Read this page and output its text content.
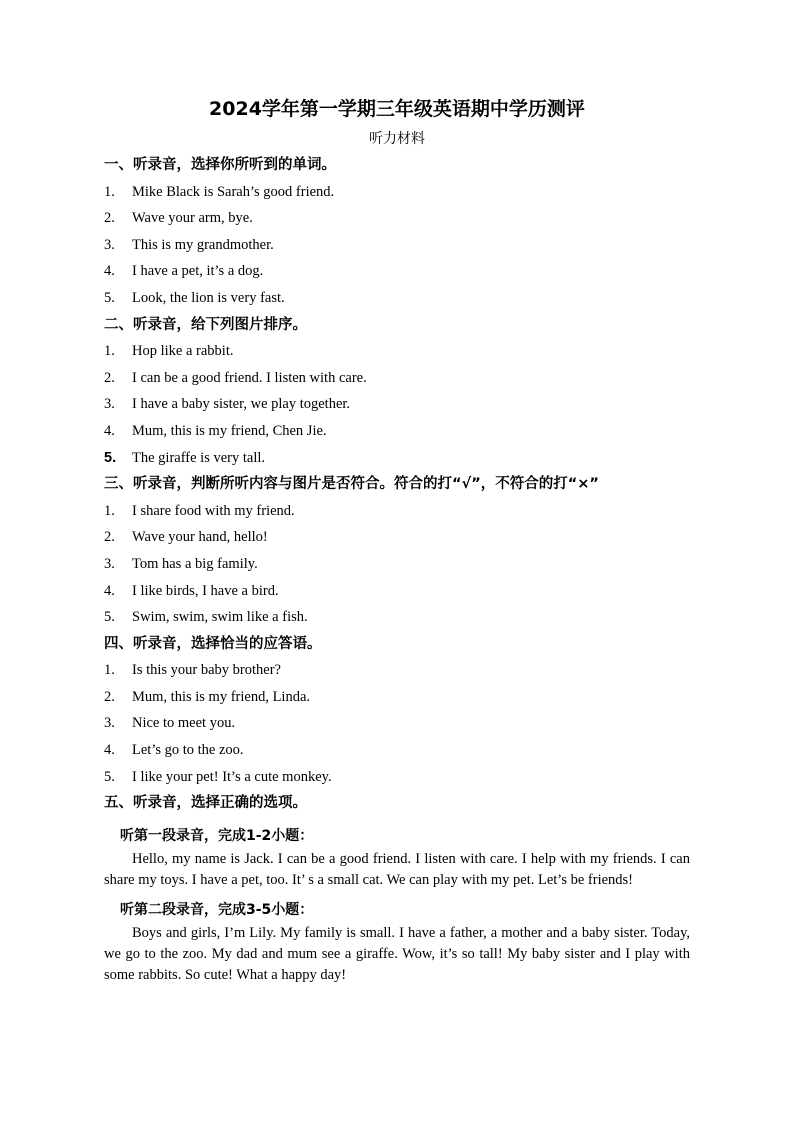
2024学年第一学期三年级英语期中学历测评
听力材料
一、听录音，选择你所听到的单词。
1. Mike Black is Sarah’s good friend.
2. Wave your arm, bye.
3. This is my grandmother.
4. I have a pet, it’s a dog.
5. Look, the lion is very fast.
二、听录音，给下列图片排序。
1. Hop like a rabbit.
2. I can be a good friend. I listen with care.
3. I have a baby sister, we play together.
4. Mum, this is my friend, Chen Jie.
5. The giraffe is very tall.
三、听录音，判断所听内容与图片是否符合。符合的打“√”，不符合的打“×”
1. I share food with my friend.
2. Wave your hand, hello!
3. Tom has a big family.
4. I like birds, I have a bird.
5. Swim, swim, swim like a fish.
四、听录音，选择恰当的应答语。
1. Is this your baby brother?
2. Mum, this is my friend, Linda.
3. Nice to meet you.
4. Let’s go to the zoo.
5. I like your pet! It’s a cute monkey.
五、听录音，选择正确的选项。
听第一段录音，完成1-2小题：

Hello, my name is Jack. I can be a good friend. I listen with care. I help with my friends. I can share my toys. I have a pet, too. It’ s a small cat. We can play with my pet. Let’s be friends!

听第二段录音，完成3-5小题：

Boys and girls, I’m Lily. My family is small. I have a father, a mother and a baby sister. Today, we go to the zoo. My dad and mum see a giraffe. Wow, it’s so tall! My baby sister and I play with some rabbits. So cute! What a happy day!
